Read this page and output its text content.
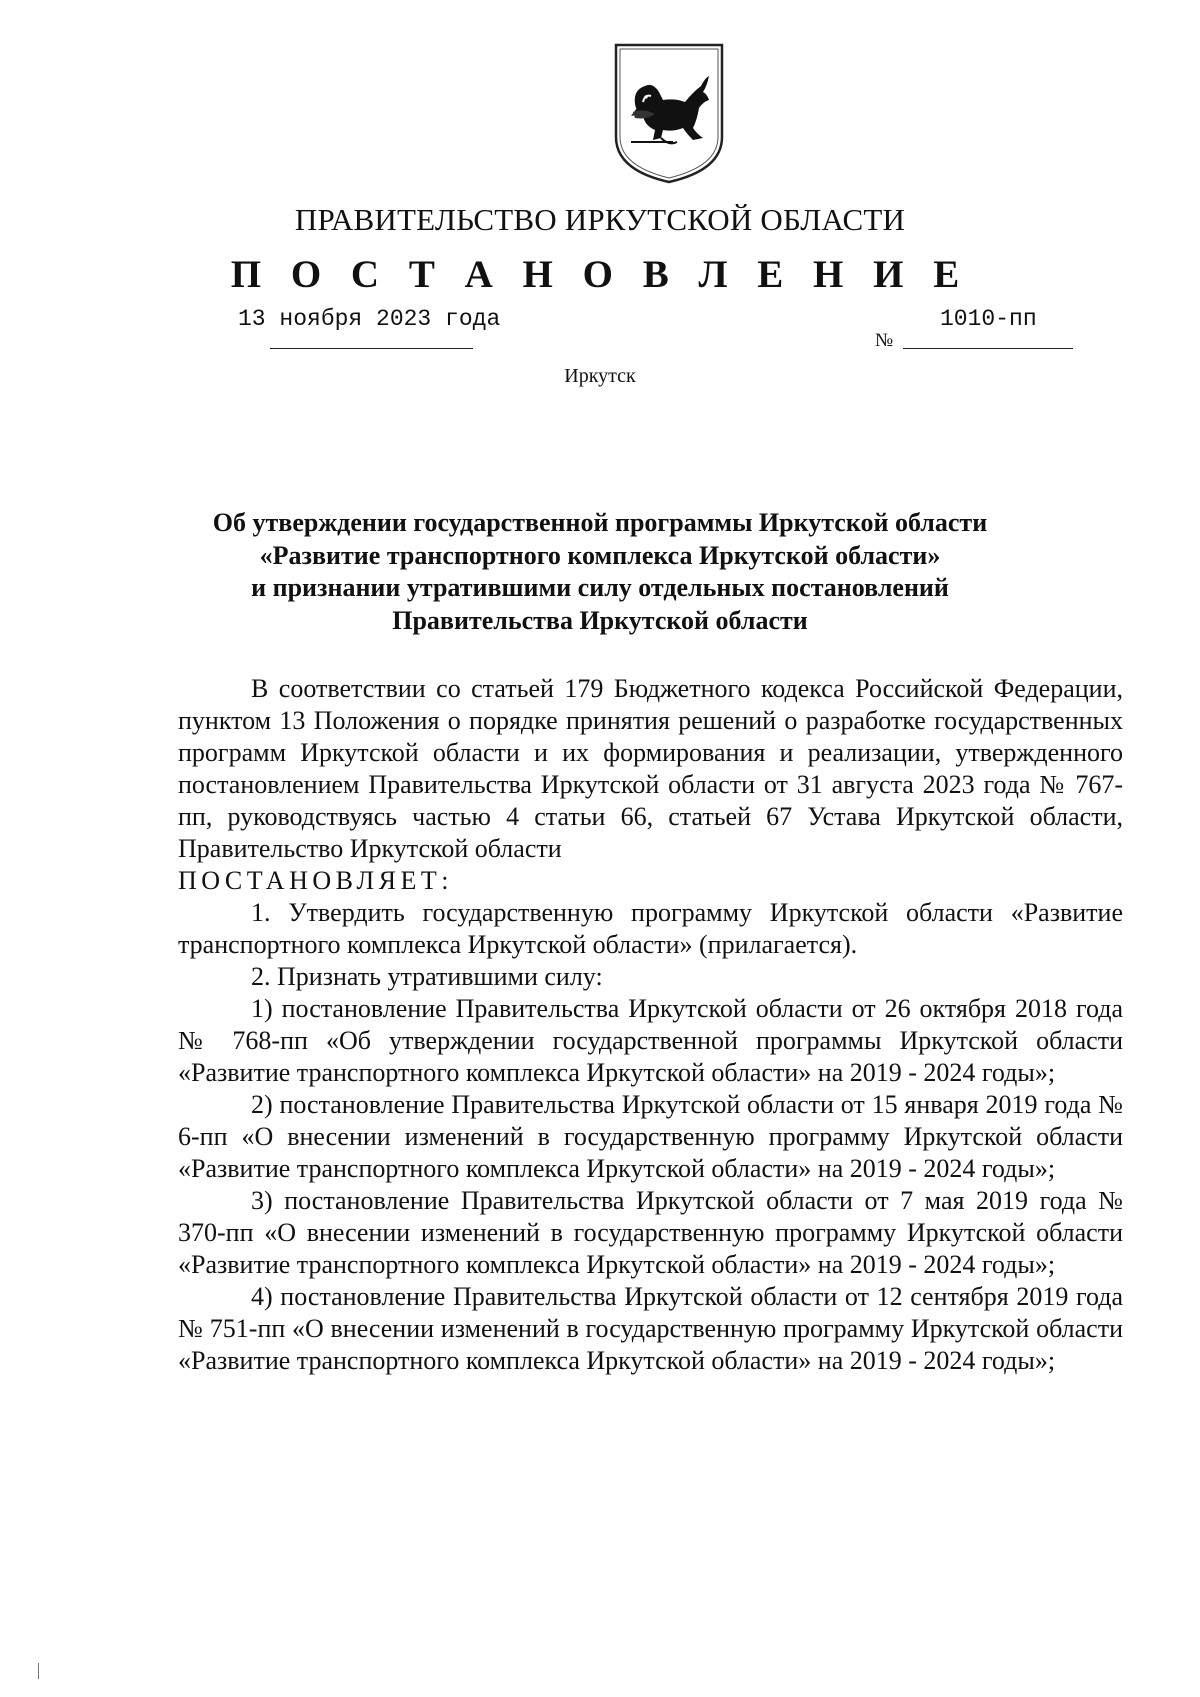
ПРАВИТЕЛЬСТВО ИРКУТСКОЙ ОБЛАСТИ
П О С Т А Н О В Л Е Н И Е
13 ноября 2023 года
№
1010-пп
Иркутск
Об утверждении государственной программы Иркутской области
«Развитие транспортного комплекса Иркутской области»
и признании утратившими силу отдельных постановлений
Правительства Иркутской области
В соответствии со статьей 179 Бюджетного кодекса Российской Федерации, пунктом 13 Положения о порядке принятия решений о разработке государственных программ Иркутской области и их формирования и реализации, утвержденного постановлением Правительства Иркутской области от 31 августа 2023 года № 767-пп, руководствуясь частью 4 статьи 66, статьей 67 Устава Иркутской области, Правительство Иркутской области
ПОСТАНОВЛЯЕТ:
1. Утвердить государственную программу Иркутской области «Развитие транспортного комплекса Иркутской области» (прилагается).
2. Признать утратившими силу:
1) постановление Правительства Иркутской области от 26 октября 2018 года № 768-пп «Об утверждении государственной программы Иркутской области «Развитие транспортного комплекса Иркутской области» на 2019 - 2024 годы»;
2) постановление Правительства Иркутской области от 15 января 2019 года № 6-пп «О внесении изменений в государственную программу Иркутской области «Развитие транспортного комплекса Иркутской области» на 2019 - 2024 годы»;
3) постановление Правительства Иркутской области от 7 мая 2019 года № 370-пп «О внесении изменений в государственную программу Иркутской области «Развитие транспортного комплекса Иркутской области» на 2019 - 2024 годы»;
4) постановление Правительства Иркутской области от 12 сентября 2019 года № 751-пп «О внесении изменений в государственную программу Иркутской области «Развитие транспортного комплекса Иркутской области» на 2019 - 2024 годы»;
